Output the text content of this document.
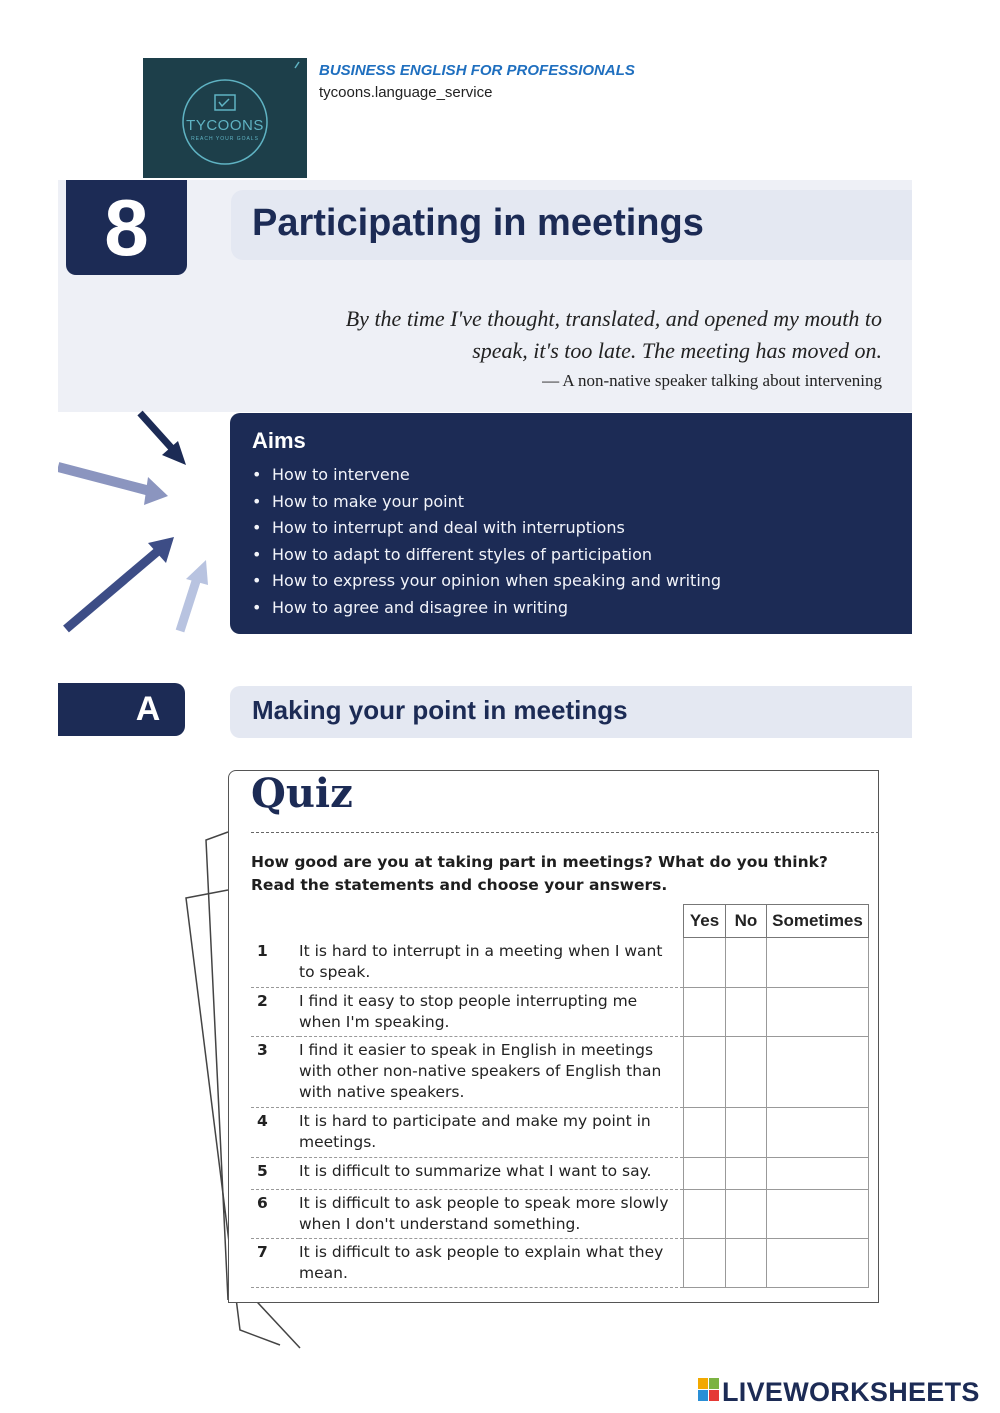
TYCOONS
REACH YOUR GOALS
BUSINESS ENGLISH FOR PROFESSIONALS
tycoons.language_service
8	Participating in meetings
By the time I've thought, translated, and opened my mouth to
speak, it's too late. The meeting has moved on.
— A non-native speaker talking about intervening
Aims
• How to intervene
• How to make your point
• How to interrupt and deal with interruptions
• How to adapt to different styles of participation
• How to express your opinion when speaking and writing
• How to agree and disagree in writing
A	Making your point in meetings
Quiz
How good are you at taking part in meetings? What do you think? Read the statements and choose your answers.
		Yes	No	Sometimes
1	It is hard to interrupt in a meeting when I want to speak.			
2	I find it easy to stop people interrupting me when I'm speaking.			
3	I find it easier to speak in English in meetings with other non-native speakers of English than with native speakers.			
4	It is hard to participate and make my point in meetings.			
5	It is difficult to summarize what I want to say.			
6	It is difficult to ask people to speak more slowly when I don't understand something.			
7	It is difficult to ask people to explain what they mean.			
LIVEWORKSHEETS
